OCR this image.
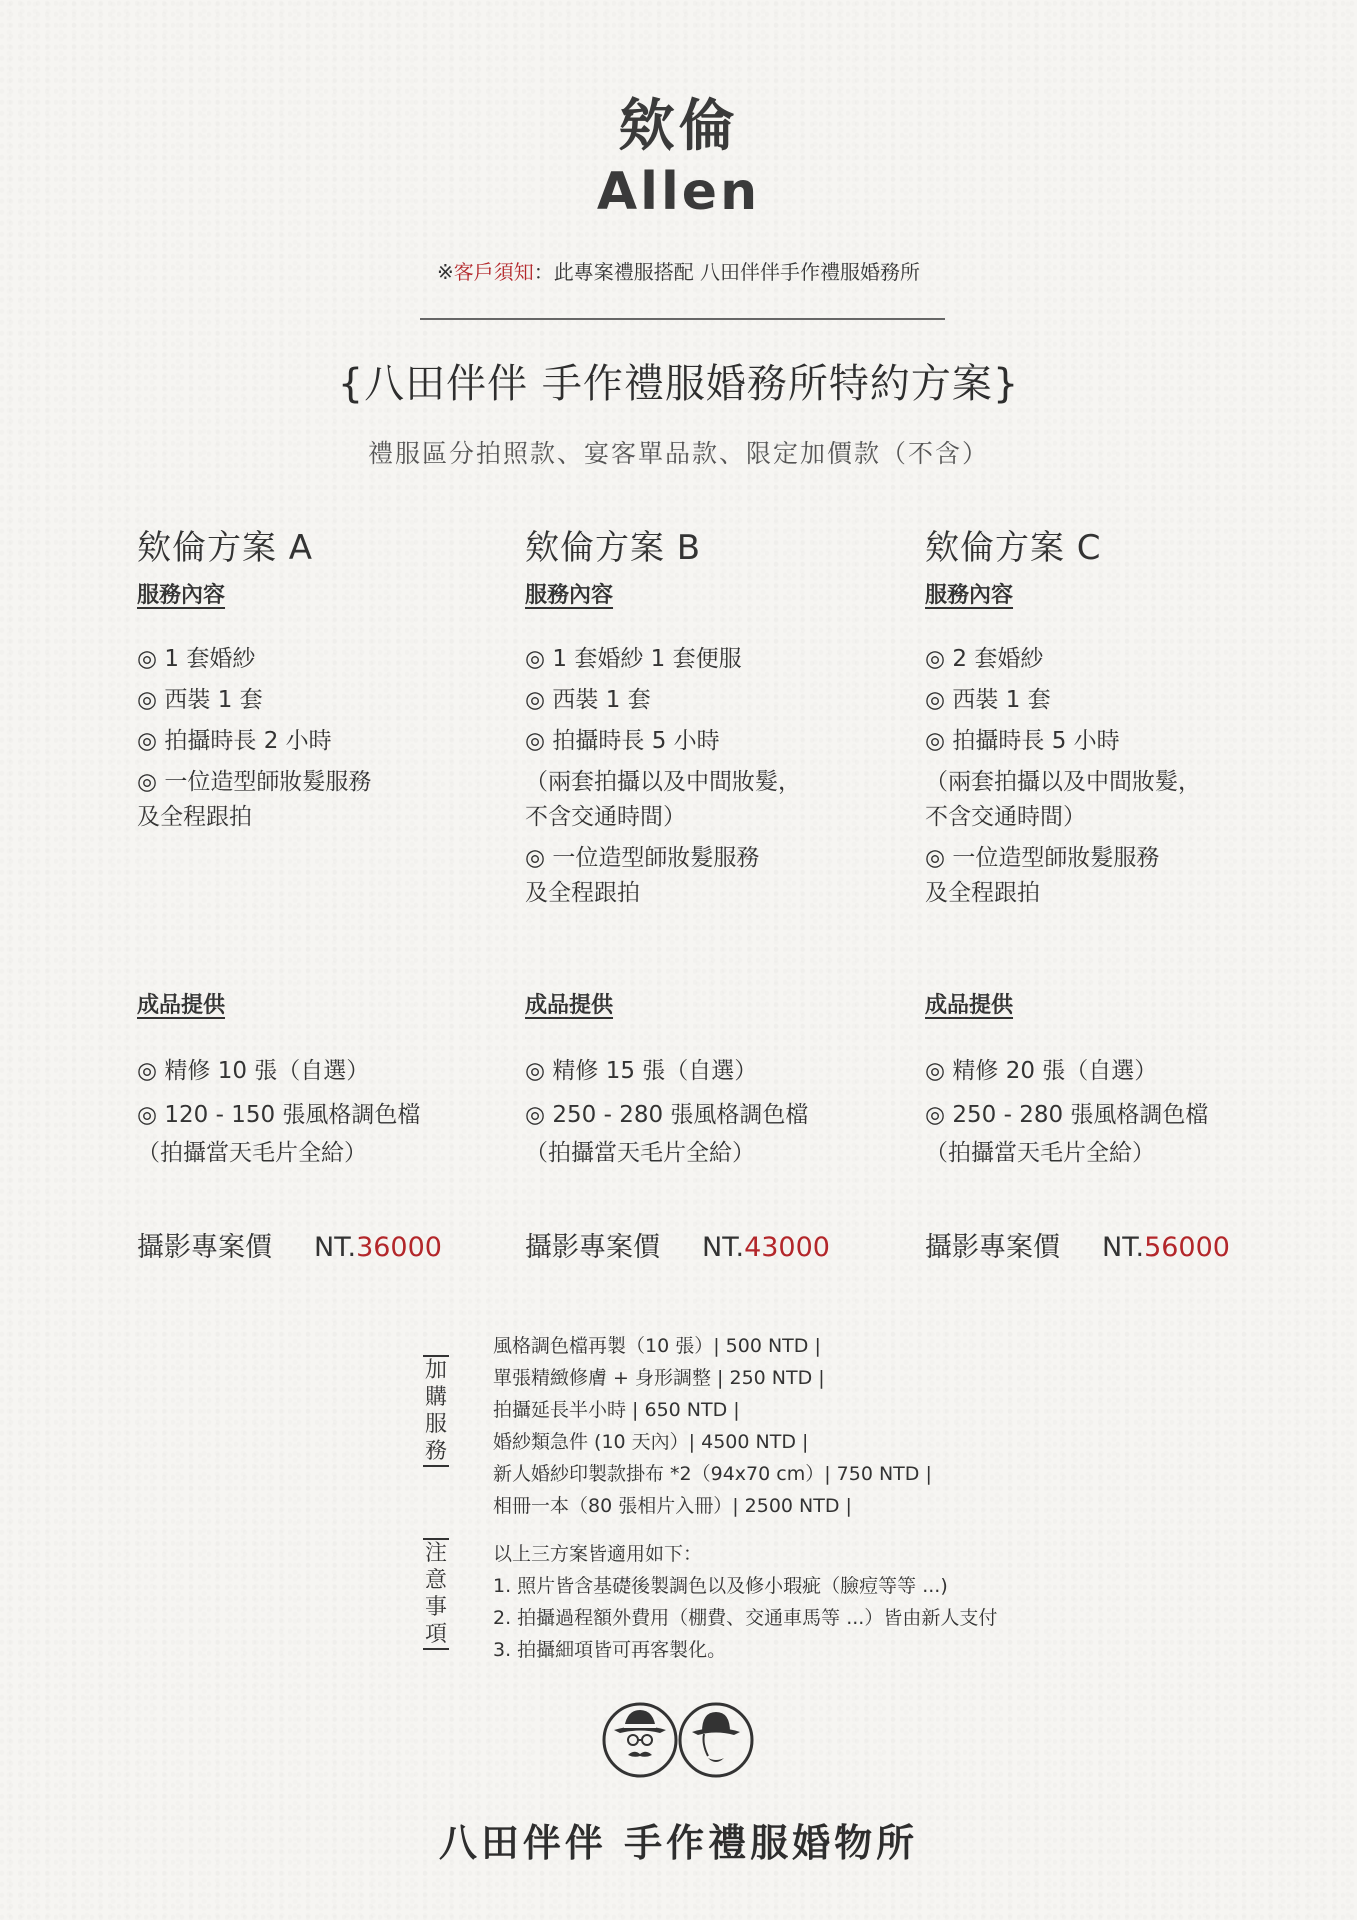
欸倫
Allen
※客戶須知：此專案禮服搭配 八田伴伴手作禮服婚務所
{八田伴伴 手作禮服婚務所特約方案}
禮服區分拍照款、宴客單品款、限定加價款（不含）
欸倫方案 A
服務內容
◎ 1 套婚紗
◎ 西裝 1 套
◎ 拍攝時長 2 小時
◎ 一位造型師妝髮服務
及全程跟拍
成品提供
◎ 精修 10 張（自選）
◎ 120 - 150 張風格調色檔
（拍攝當天毛片全給）
攝影專案價 NT.36000
欸倫方案 B
服務內容
◎ 1 套婚紗 1 套便服
◎ 西裝 1 套
◎ 拍攝時長 5 小時
（兩套拍攝以及中間妝髮，
不含交通時間）
◎ 一位造型師妝髮服務
及全程跟拍
成品提供
◎ 精修 15 張（自選）
◎ 250 - 280 張風格調色檔
（拍攝當天毛片全給）
攝影專案價 NT.43000
欸倫方案 C
服務內容
◎ 2 套婚紗
◎ 西裝 1 套
◎ 拍攝時長 5 小時
（兩套拍攝以及中間妝髮，
不含交通時間）
◎ 一位造型師妝髮服務
及全程跟拍
成品提供
◎ 精修 20 張（自選）
◎ 250 - 280 張風格調色檔
（拍攝當天毛片全給）
攝影專案價 NT.56000
加
購
服
務
風格調色檔再製（10 張）| 500 NTD |
單張精緻修膚 + 身形調整 | 250 NTD |
拍攝延長半小時 | 650 NTD |
婚紗類急件 (10 天內）| 4500 NTD |
新人婚紗印製款掛布 *2（94x70 cm）| 750 NTD |
相冊一本（80 張相片入冊）| 2500 NTD |
注
意
事
項
以上三方案皆適用如下：
1. 照片皆含基礎後製調色以及修小瑕疵（臉痘等等 ...)
2. 拍攝過程額外費用（棚費、交通車馬等 ...）皆由新人支付
3. 拍攝細項皆可再客製化。
八田伴伴 手作禮服婚物所
